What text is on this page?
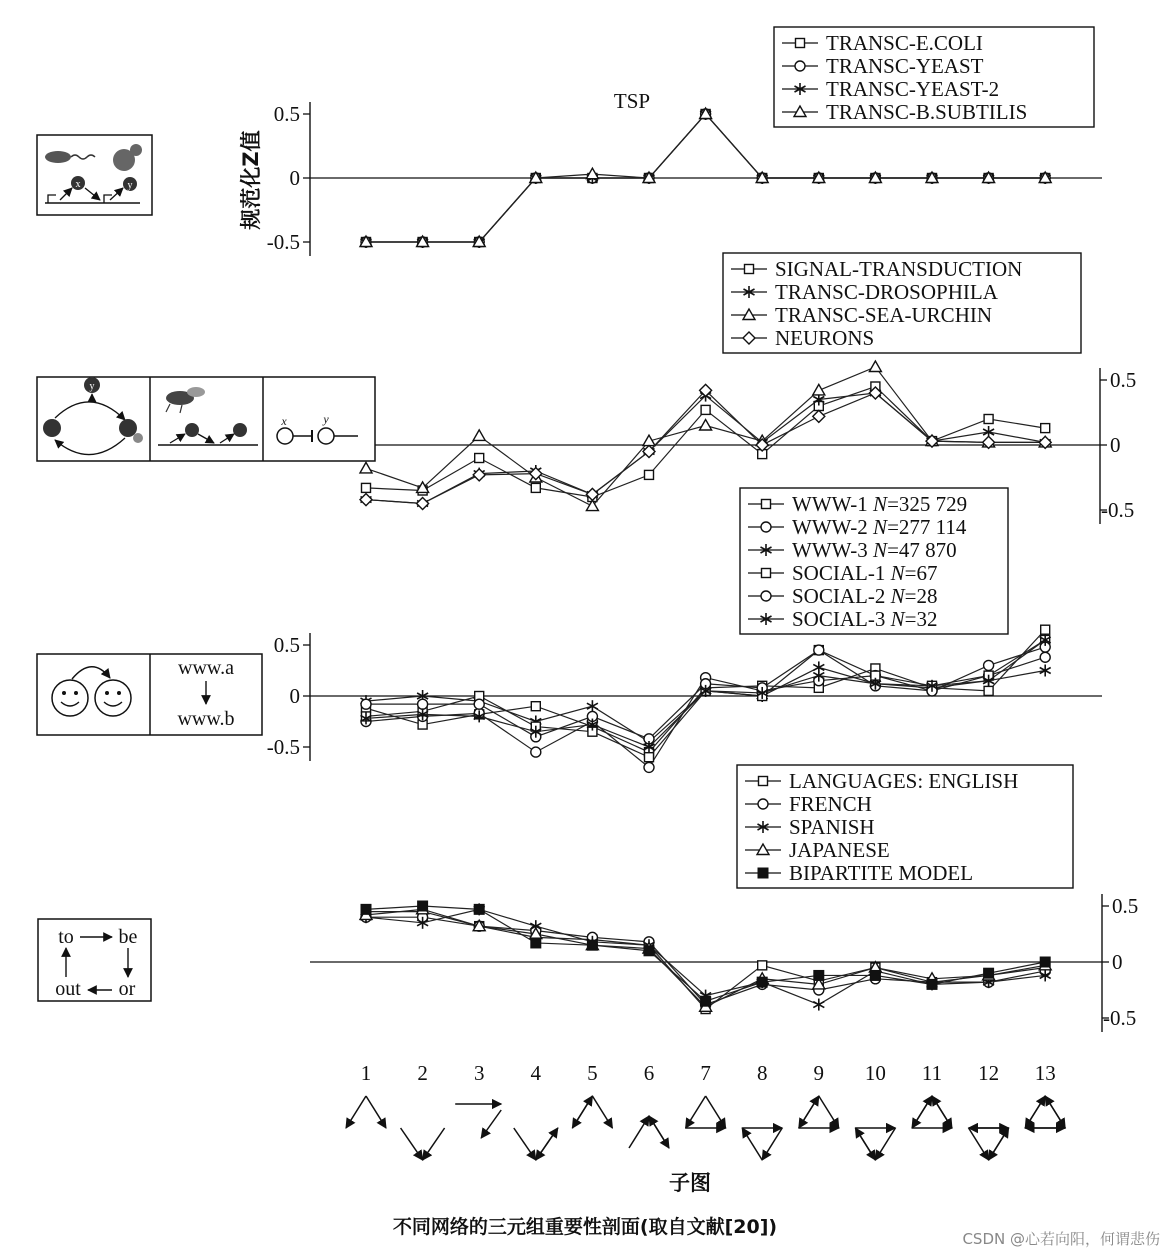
0.5
0
-0.5
TRANSC-E.COLI
TRANSC-YEAST
TRANSC-YEAST-2
TRANSC-B.SUBTILIS
0.5
0
-0.5
SIGNAL-TRANSDUCTION
TRANSC-DROSOPHILA
TRANSC-SEA-URCHIN
NEURONS
0.5
0
-0.5
WWW-1 N=325 729
WWW-2 N=277 114
WWW-3 N=47 870
SOCIAL-1 N=67
SOCIAL-2 N=28
SOCIAL-3 N=32
0.5
0
-0.5
LANGUAGES: ENGLISH
FRENCH
SPANISH
JAPANESE
BIPARTITE MODEL
规范化Z值
TSP
1 2 3 4 5 6 7 8 9 10 11 12 13
子图
x	y
y
x	y
www.a
www.b
to be
out or
不同网络的三元组重要性剖面(取自文献[20])
CSDN @心若向阳，何谓悲伤
